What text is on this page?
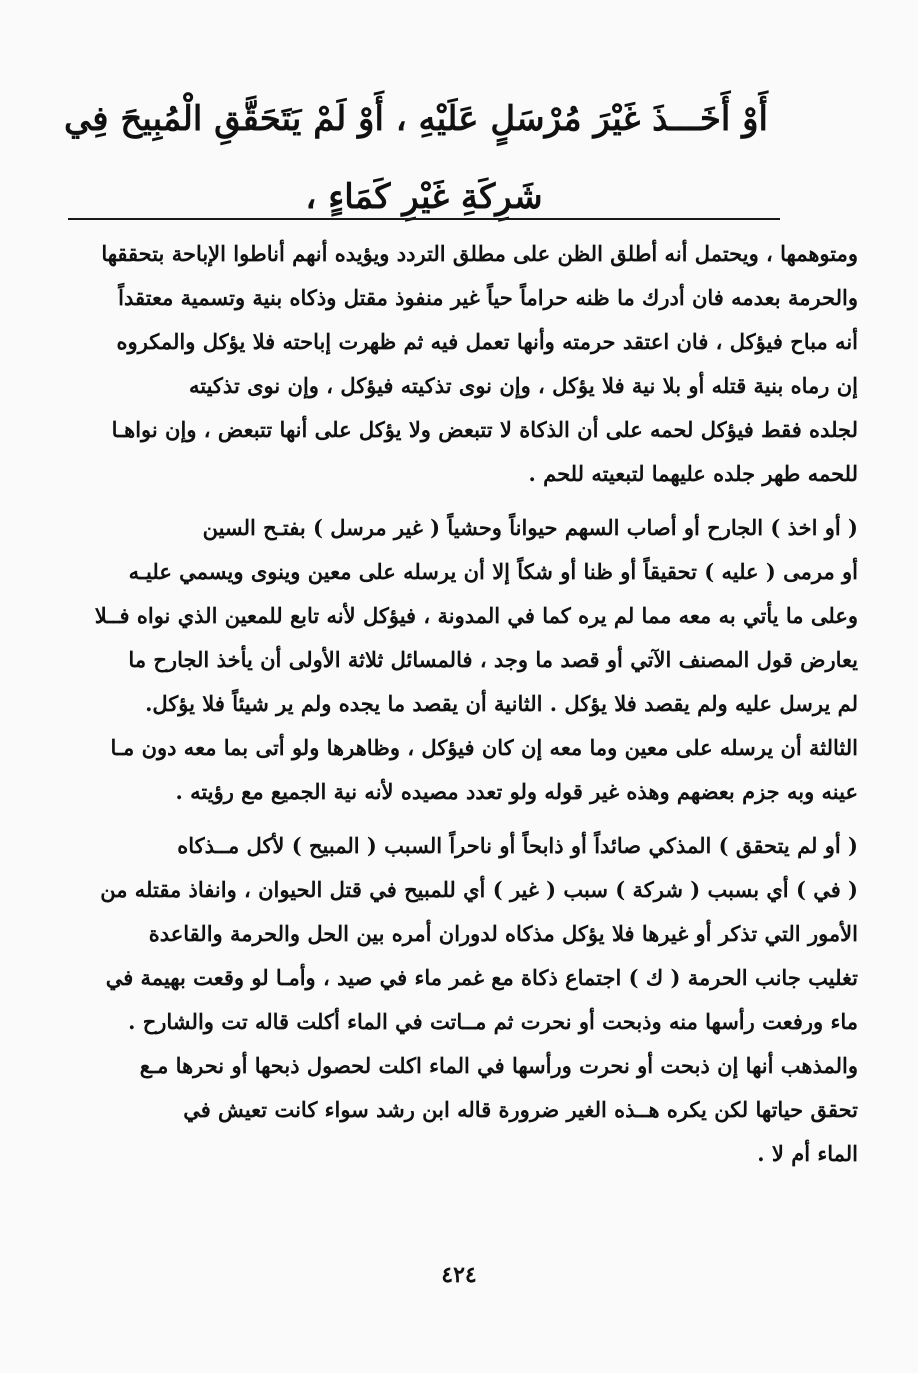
أَوْ أَخَـــذَ غَيْرَ مُرْسَلٍ عَلَيْهِ ، أَوْ لَمْ يَتَحَقَّقِ الْمُبِيحَ فِي
شَرِكَةِ غَيْرِ كَمَاءٍ ،
ومتوهمها ، ويحتمل أنه أطلق الظن على مطلق التردد ويؤيده أنهم أناطوا الإباحة بتحققها
والحرمة بعدمه فان أدرك ما ظنه حراماً حياً غير منفوذ مقتل وذكاه بنية وتسمية معتقداً
أنه مباح فيؤكل ، فان اعتقد حرمته وأنها تعمل فيه ثم ظهرت إباحته فلا يؤكل والمكروه
إن رماه بنية قتله أو بلا نية فلا يؤكل ، وإن نوى تذكيته فيؤكل ، وإن نوى تذكيته
لجلده فقط فيؤكل لحمه على أن الذكاة لا تتبعض ولا يؤكل على أنها تتبعض ، وإن نواهـا
للحمه طهر جلده عليهما لتبعيته للحم .
( أو اخذ ) الجارح أو أصاب السهم حيواناً وحشياً ( غير مرسل ) بفتـح السين
أو مرمى ( عليه ) تحقيقاً أو ظنا أو شكاً إلا أن يرسله على معين وينوى ويسمي عليـه
وعلى ما يأتي به معه مما لم يره كما في المدونة ، فيؤكل لأنه تابع للمعين الذي نواه فــلا
يعارض قول المصنف الآتي أو قصد ما وجد ، فالمسائل ثلاثة الأولى أن يأخذ الجارح ما
لم يرسل عليه ولم يقصد فلا يؤكل . الثانية أن يقصد ما يجده ولم ير شيئاً فلا يؤكل.
الثالثة أن يرسله على معين وما معه إن كان فيؤكل ، وظاهرها ولو أتى بما معه دون مـا
عينه وبه جزم بعضهم وهذه غير قوله ولو تعدد مصيده لأنه نية الجميع مع رؤيته .
( أو لم يتحقق ) المذكي صائداً أو ذابحاً أو ناحراً السبب ( المبيح ) لأكل مــذكاه
( في ) أي بسبب ( شركة ) سبب ( غير ) أي للمبيح في قتل الحيوان ، وانفاذ مقتله من
الأمور التي تذكر أو غيرها فلا يؤكل مذكاه لدوران أمره بين الحل والحرمة والقاعدة
تغليب جانب الحرمة ( ك ) اجتماع ذكاة مع غمر ماء في صيد ، وأمـا لو وقعت بهيمة في
ماء ورفعت رأسها منه وذبحت أو نحرت ثم مــاتت في الماء أكلت قاله تت والشارح .
والمذهب أنها إن ذبحت أو نحرت ورأسها في الماء اكلت لحصول ذبحها أو نحرها مـع
تحقق حياتها لكن يكره هــذه الغير ضرورة قاله ابن رشد سواء كانت تعيش في
الماء أم لا .
٤٢٤
